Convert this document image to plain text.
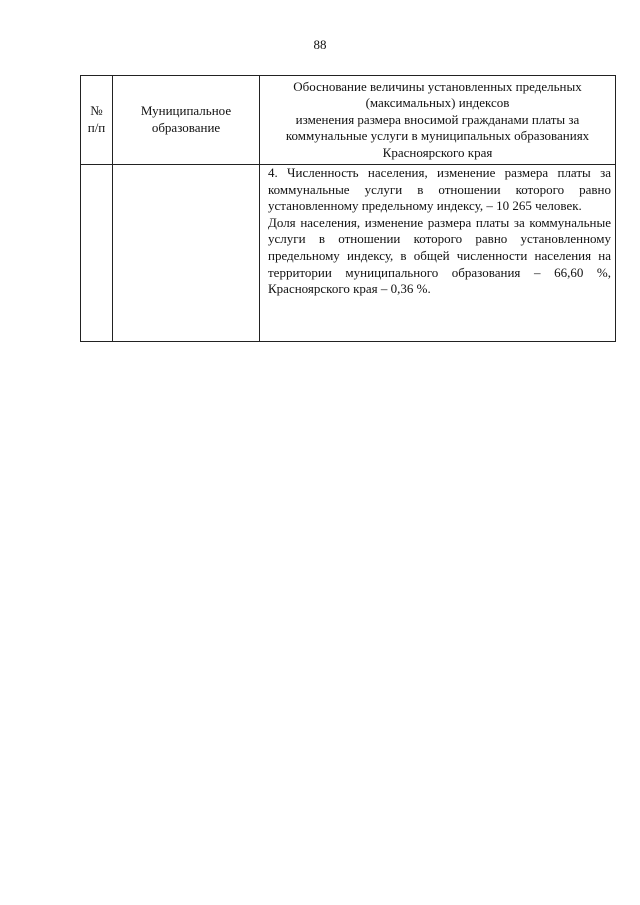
88
№ п/п	Муниципальное образование	Обоснование величины установленных предельных (максимальных) индексов
изменения размера вносимой гражданами платы за коммунальные услуги в муниципальных образованиях Красноярского края

		4. Численность населения, изменение размера платы за коммунальные услуги в отношении которого равно установленному предельному индексу, – 10 265 человек.
Доля населения, изменение размера платы за коммунальные услуги в отношении которого равно установленному предельному индексу, в общей численности населения на территории муниципального образования – 66,60 %, Красноярского края – 0,36 %.
